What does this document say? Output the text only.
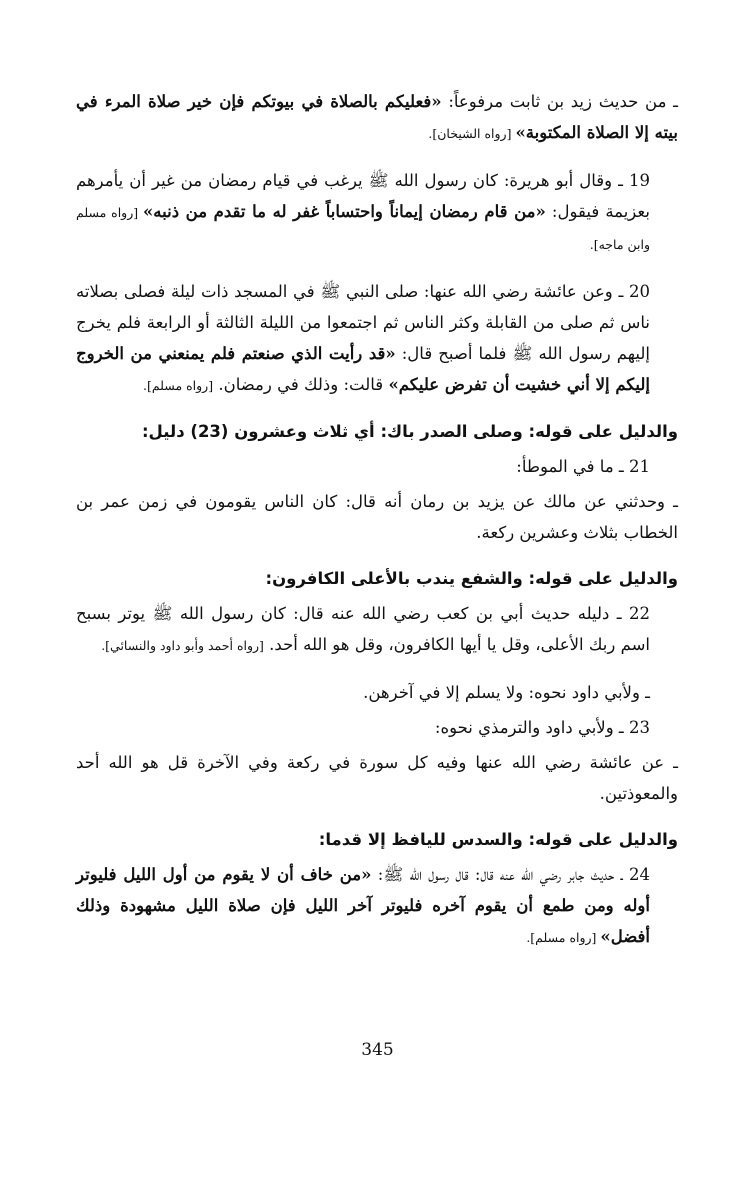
ـ من حديث زيد بن ثابت مرفوعاً: «فعليكم بالصلاة في بيوتكم فإن خير صلاة المرء في بيته إلا الصلاة المكتوبة» [رواه الشيخان].
19 ـ وقال أبو هريرة: كان رسول الله ﷺ يرغب في قيام رمضان من غير أن يأمرهم بعزيمة فيقول: «من قام رمضان إيماناً واحتساباً غفر له ما تقدم من ذنبه» [رواه مسلم وابن ماجه].
20 ـ وعن عائشة رضي الله عنها: صلى النبي ﷺ في المسجد ذات ليلة فصلى بصلاته ناس ثم صلى من القابلة وكثر الناس ثم اجتمعوا من الليلة الثالثة أو الرابعة فلم يخرج إليهم رسول الله ﷺ فلما أصبح قال: «قد رأيت الذي صنعتم فلم يمنعني من الخروج إليكم إلا أني خشيت أن تفرض عليكم» قالت: وذلك في رمضان. [رواه مسلم].
والدليل على قوله: وصلى الصدر باك: أي ثلاث وعشرون (23) دليل:
21 ـ ما في الموطأ:
ـ وحدثني عن مالك عن يزيد بن رمان أنه قال: كان الناس يقومون في زمن عمر بن الخطاب بثلاث وعشرين ركعة.
والدليل على قوله: والشفع يندب بالأعلى الكافرون:
22 ـ دليله حديث أبي بن كعب رضي الله عنه قال: كان رسول الله ﷺ يوتر بسبح اسم ربك الأعلى، وقل يا أيها الكافرون، وقل هو الله أحد. [رواه أحمد وأبو داود والنسائي].
ـ ولأبي داود نحوه: ولا يسلم إلا في آخرهن.
23 ـ ولأبي داود والترمذي نحوه:
ـ عن عائشة رضي الله عنها وفيه كل سورة في ركعة وفي الآخرة قل هو الله أحد والمعوذتين.
والدليل على قوله: والسدس لليافظ إلا قدما:
24 ـ حديث جابر رضي الله عنه قال: قال رسول الله ﷺ: «من خاف أن لا يقوم من أول الليل فليوتر أوله ومن طمع أن يقوم آخره فليوتر آخر الليل فإن صلاة الليل مشهودة وذلك أفضل» [رواه مسلم].
345
